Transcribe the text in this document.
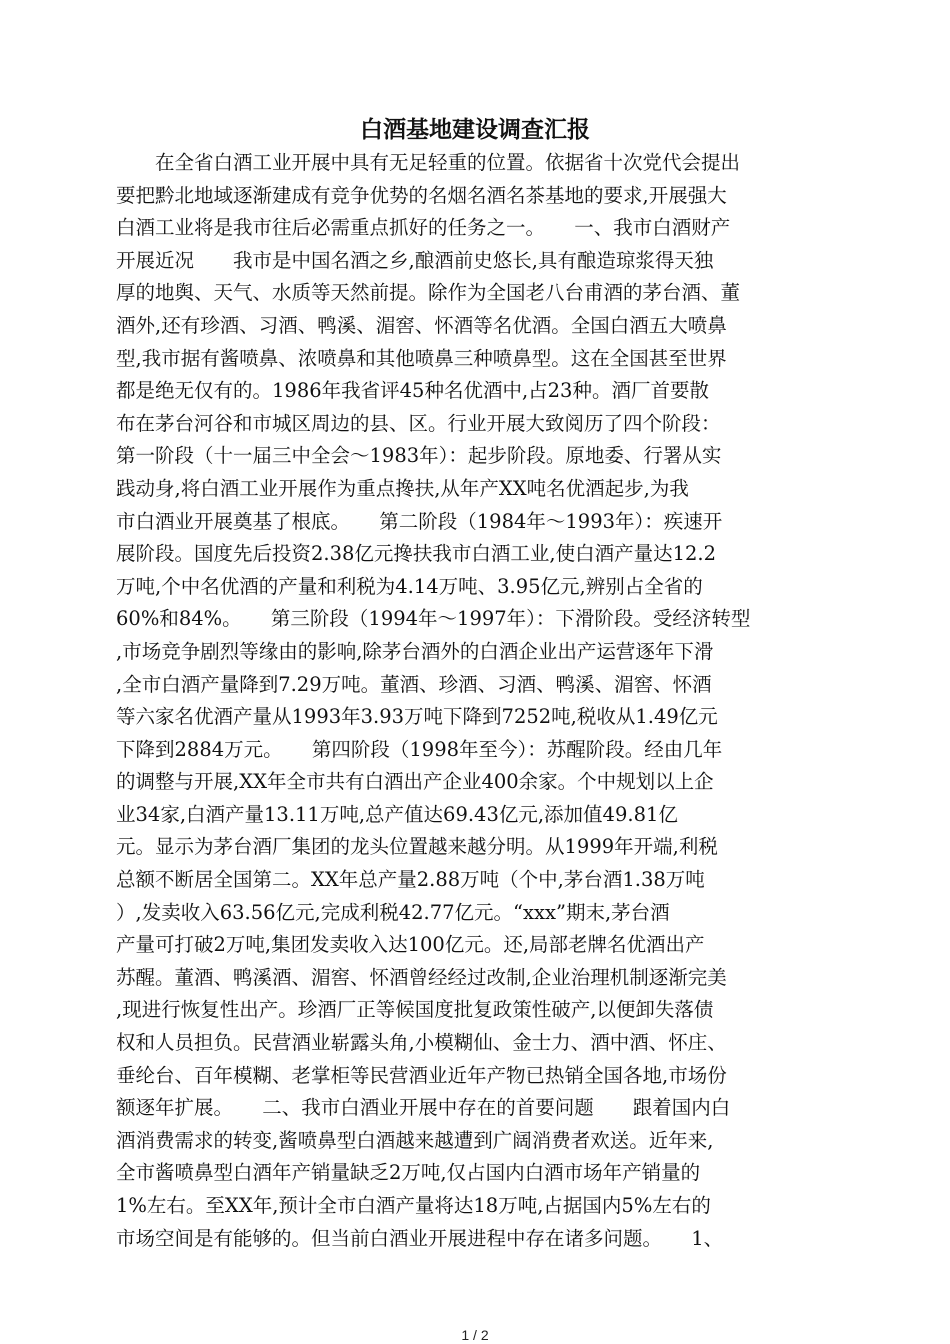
白酒基地建设调查汇报
　　在全省白酒工业开展中具有无足轻重的位置。依据省十次党代会提出
要把黔北地域逐渐建成有竞争优势的名烟名酒名茶基地的要求,开展强大
白酒工业将是我市往后必需重点抓好的任务之一。　　一、我市白酒财产
开展近况　　我市是中国名酒之乡,酿酒前史悠长,具有酿造琼浆得天独
厚的地舆、天气、水质等天然前提。除作为全国老八台甫酒的茅台酒、董
酒外,还有珍酒、习酒、鸭溪、湄窖、怀酒等名优酒。全国白酒五大喷鼻
型,我市据有酱喷鼻、浓喷鼻和其他喷鼻三种喷鼻型。这在全国甚至世界
都是绝无仅有的。1986年我省评45种名优酒中,占23种。酒厂首要散
布在茅台河谷和市城区周边的县、区。行业开展大致阅历了四个阶段：
第一阶段（十一届三中全会～1983年）：起步阶段。原地委、行署从实
践动身,将白酒工业开展作为重点搀扶,从年产XX吨名优酒起步,为我
市白酒业开展奠基了根底。　　第二阶段（1984年～1993年）：疾速开
展阶段。国度先后投资2.38亿元搀扶我市白酒工业,使白酒产量达12.2
万吨,个中名优酒的产量和利税为4.14万吨、3.95亿元,辨别占全省的
60%和84%。　　第三阶段（1994年～1997年）：下滑阶段。受经济转型
,市场竞争剧烈等缘由的影响,除茅台酒外的白酒企业出产运营逐年下滑
,全市白酒产量降到7.29万吨。董酒、珍酒、习酒、鸭溪、湄窖、怀酒
等六家名优酒产量从1993年3.93万吨下降到7252吨,税收从1.49亿元
下降到2884万元。　　第四阶段（1998年至今）：苏醒阶段。经由几年
的调整与开展,XX年全市共有白酒出产企业400余家。个中规划以上企
业34家,白酒产量13.11万吨,总产值达69.43亿元,添加值49.81亿
元。显示为茅台酒厂集团的龙头位置越来越分明。从1999年开端,利税
总额不断居全国第二。XX年总产量2.88万吨（个中,茅台酒1.38万吨
）,发卖收入63.56亿元,完成利税42.77亿元。“xxx”期末,茅台酒
产量可打破2万吨,集团发卖收入达100亿元。还,局部老牌名优酒出产
苏醒。董酒、鸭溪酒、湄窖、怀酒曾经经过改制,企业治理机制逐渐完美
,现进行恢复性出产。珍酒厂正等候国度批复政策性破产,以便卸失落债
权和人员担负。民营酒业崭露头角,小模糊仙、金士力、酒中酒、怀庄、
垂纶台、百年模糊、老掌柜等民营酒业近年产物已热销全国各地,市场份
额逐年扩展。　　二、我市白酒业开展中存在的首要问题　　跟着国内白
酒消费需求的转变,酱喷鼻型白酒越来越遭到广阔消费者欢送。近年来,
全市酱喷鼻型白酒年产销量缺乏2万吨,仅占国内白酒市场年产销量的
1%左右。至XX年,预计全市白酒产量将达18万吨,占据国内5%左右的
市场空间是有能够的。但当前白酒业开展进程中存在诸多问题。　　1、
1 / 2
